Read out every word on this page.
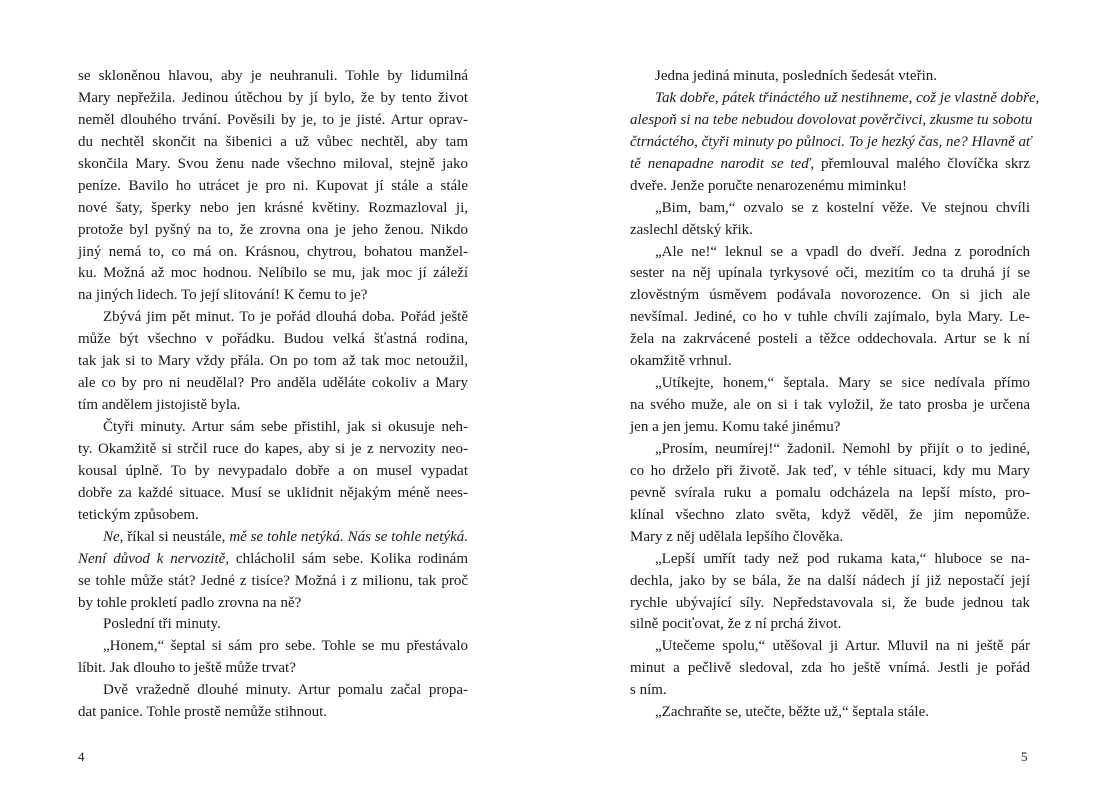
se skloněnou hlavou, aby je neuhranuli. Tohle by lidumilná
Mary nepřežila. Jedinou útěchou by jí bylo, že by tento život
neměl dlouhého trvání. Pověsili by je, to je jisté. Artur oprav-
du nechtěl skončit na šibenici a už vůbec nechtěl, aby tam
skončila Mary. Svou ženu nade všechno miloval, stejně jako
peníze. Bavilo ho utrácet je pro ni. Kupovat jí stále a stále
nové šaty, šperky nebo jen krásné květiny. Rozmazloval ji,
protože byl pyšný na to, že zrovna ona je jeho ženou. Nikdo
jiný nemá to, co má on. Krásnou, chytrou, bohatou manžel-
ku. Možná až moc hodnou. Nelíbilo se mu, jak moc jí záleží
na jiných lidech. To její slitování! K čemu to je?
Zbývá jim pět minut. To je pořád dlouhá doba. Pořád ještě
může být všechno v pořádku. Budou velká šťastná rodina,
tak jak si to Mary vždy přála. On po tom až tak moc netoužil,
ale co by pro ni neudělal? Pro anděla uděláte cokoliv a Mary
tím andělem jistojistě byla.
Čtyři minuty. Artur sám sebe přistihl, jak si okusuje neh-
ty. Okamžitě si strčil ruce do kapes, aby si je z nervozity neo-
kousal úplně. To by nevypadalo dobře a on musel vypadat
dobře za každé situace. Musí se uklidnit nějakým méně nees-
tetickým způsobem.
Ne, říkal si neustále, mě se tohle netýká. Nás se tohle netýká.
Není důvod k nervozitě, chlácholil sám sebe. Kolika rodinám
se tohle může stát? Jedné z tisíce? Možná i z milionu, tak proč
by tohle prokletí padlo zrovna na ně?
Poslední tři minuty.
„Honem,“ šeptal si sám pro sebe. Tohle se mu přestávalo
líbit. Jak dlouho to ještě může trvat?
Dvě vražedně dlouhé minuty. Artur pomalu začal propa-
dat panice. Tohle prostě nemůže stihnout.
Jedna jediná minuta, posledních šedesát vteřin.
Tak dobře, pátek třináctého už nestihneme, což je vlastně dobře,
alespoň si na tebe nebudou dovolovat pověrčivci, zkusme tu sobotu
čtrnáctého, čtyři minuty po půlnoci. To je hezký čas, ne? Hlavně ať
tě nenapadne narodit se teď, přemlouval malého človíčka skrz
dveře. Jenže poručte nenarozenému miminku!
„Bim, bam,“ ozvalo se z kostelní věže. Ve stejnou chvíli
zaslechl dětský křik.
„Ale ne!“ leknul se a vpadl do dveří. Jedna z porodních
sester na něj upínala tyrkysové oči, mezitím co ta druhá jí se
zlověstným úsměvem podávala novorozence. On si jich ale
nevšímal. Jediné, co ho v tuhle chvíli zajímalo, byla Mary. Le-
žela na zakrvácené posteli a těžce oddechovala. Artur se k ní
okamžitě vrhnul.
„Utíkejte, honem,“ šeptala. Mary se sice nedívala přímo
na svého muže, ale on si i tak vyložil, že tato prosba je určena
jen a jen jemu. Komu také jinému?
„Prosím, neumírej!“ žadonil. Nemohl by přijít o to jediné,
co ho drželo při životě. Jak teď, v téhle situaci, kdy mu Mary
pevně svírala ruku a pomalu odcházela na lepší místo, pro-
klínal všechno zlato světa, když věděl, že jim nepomůže.
Mary z něj udělala lepšího člověka.
„Lepší umřít tady než pod rukama kata,“ hluboce se na-
dechla, jako by se bála, že na další nádech jí již nepostačí její
rychle ubývající síly. Nepředstavovala si, že bude jednou tak
silně pociťovat, že z ní prchá život.
„Utečeme spolu,“ utěšoval ji Artur. Mluvil na ni ještě pár
minut a pečlivě sledoval, zda ho ještě vnímá. Jestli je pořád
s ním.
„Zachraňte se, utečte, běžte už,“ šeptala stále.
4	5
